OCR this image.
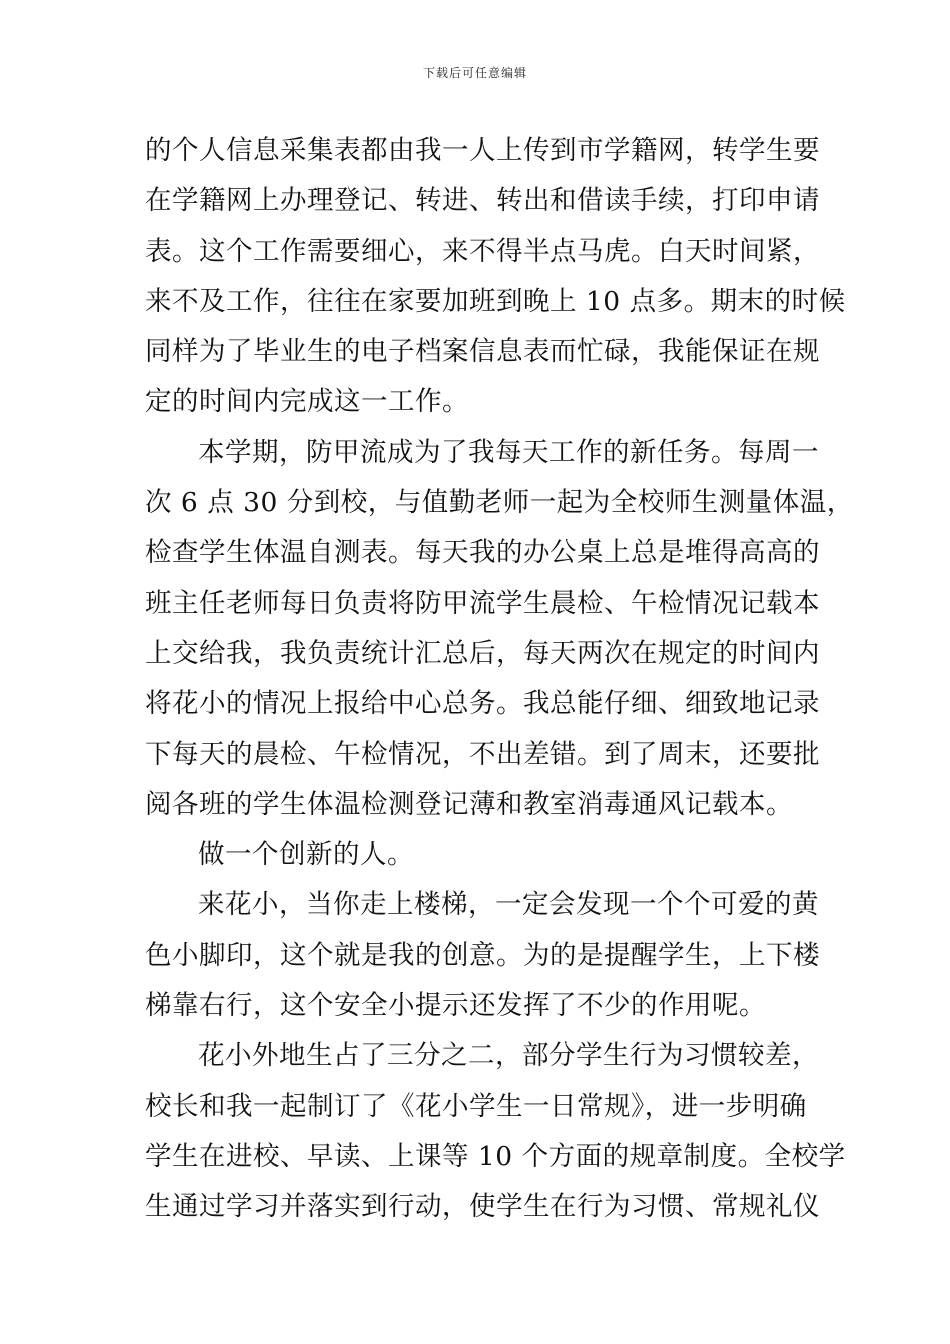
下载后可任意编辑
的个人信息采集表都由我一人上传到市学籍网，转学生要
在学籍网上办理登记、转进、转出和借读手续，打印申请
表。这个工作需要细心，来不得半点马虎。白天时间紧，
来不及工作，往往在家要加班到晚上 10 点多。期末的时候
同样为了毕业生的电子档案信息表而忙碌，我能保证在规
定的时间内完成这一工作。
本学期，防甲流成为了我每天工作的新任务。每周一
次 6 点 30 分到校，与值勤老师一起为全校师生测量体温，
检查学生体温自测表。每天我的办公桌上总是堆得高高的
班主任老师每日负责将防甲流学生晨检、午检情况记载本
上交给我，我负责统计汇总后，每天两次在规定的时间内
将花小的情况上报给中心总务。我总能仔细、细致地记录
下每天的晨检、午检情况，不出差错。到了周末，还要批
阅各班的学生体温检测登记薄和教室消毒通风记载本。
做一个创新的人。
来花小，当你走上楼梯，一定会发现一个个可爱的黄
色小脚印，这个就是我的创意。为的是提醒学生，上下楼
梯靠右行，这个安全小提示还发挥了不少的作用呢。
花小外地生占了三分之二，部分学生行为习惯较差，
校长和我一起制订了《花小学生一日常规》，进一步明确
学生在进校、早读、上课等 10 个方面的规章制度。全校学
生通过学习并落实到行动，使学生在行为习惯、常规礼仪
